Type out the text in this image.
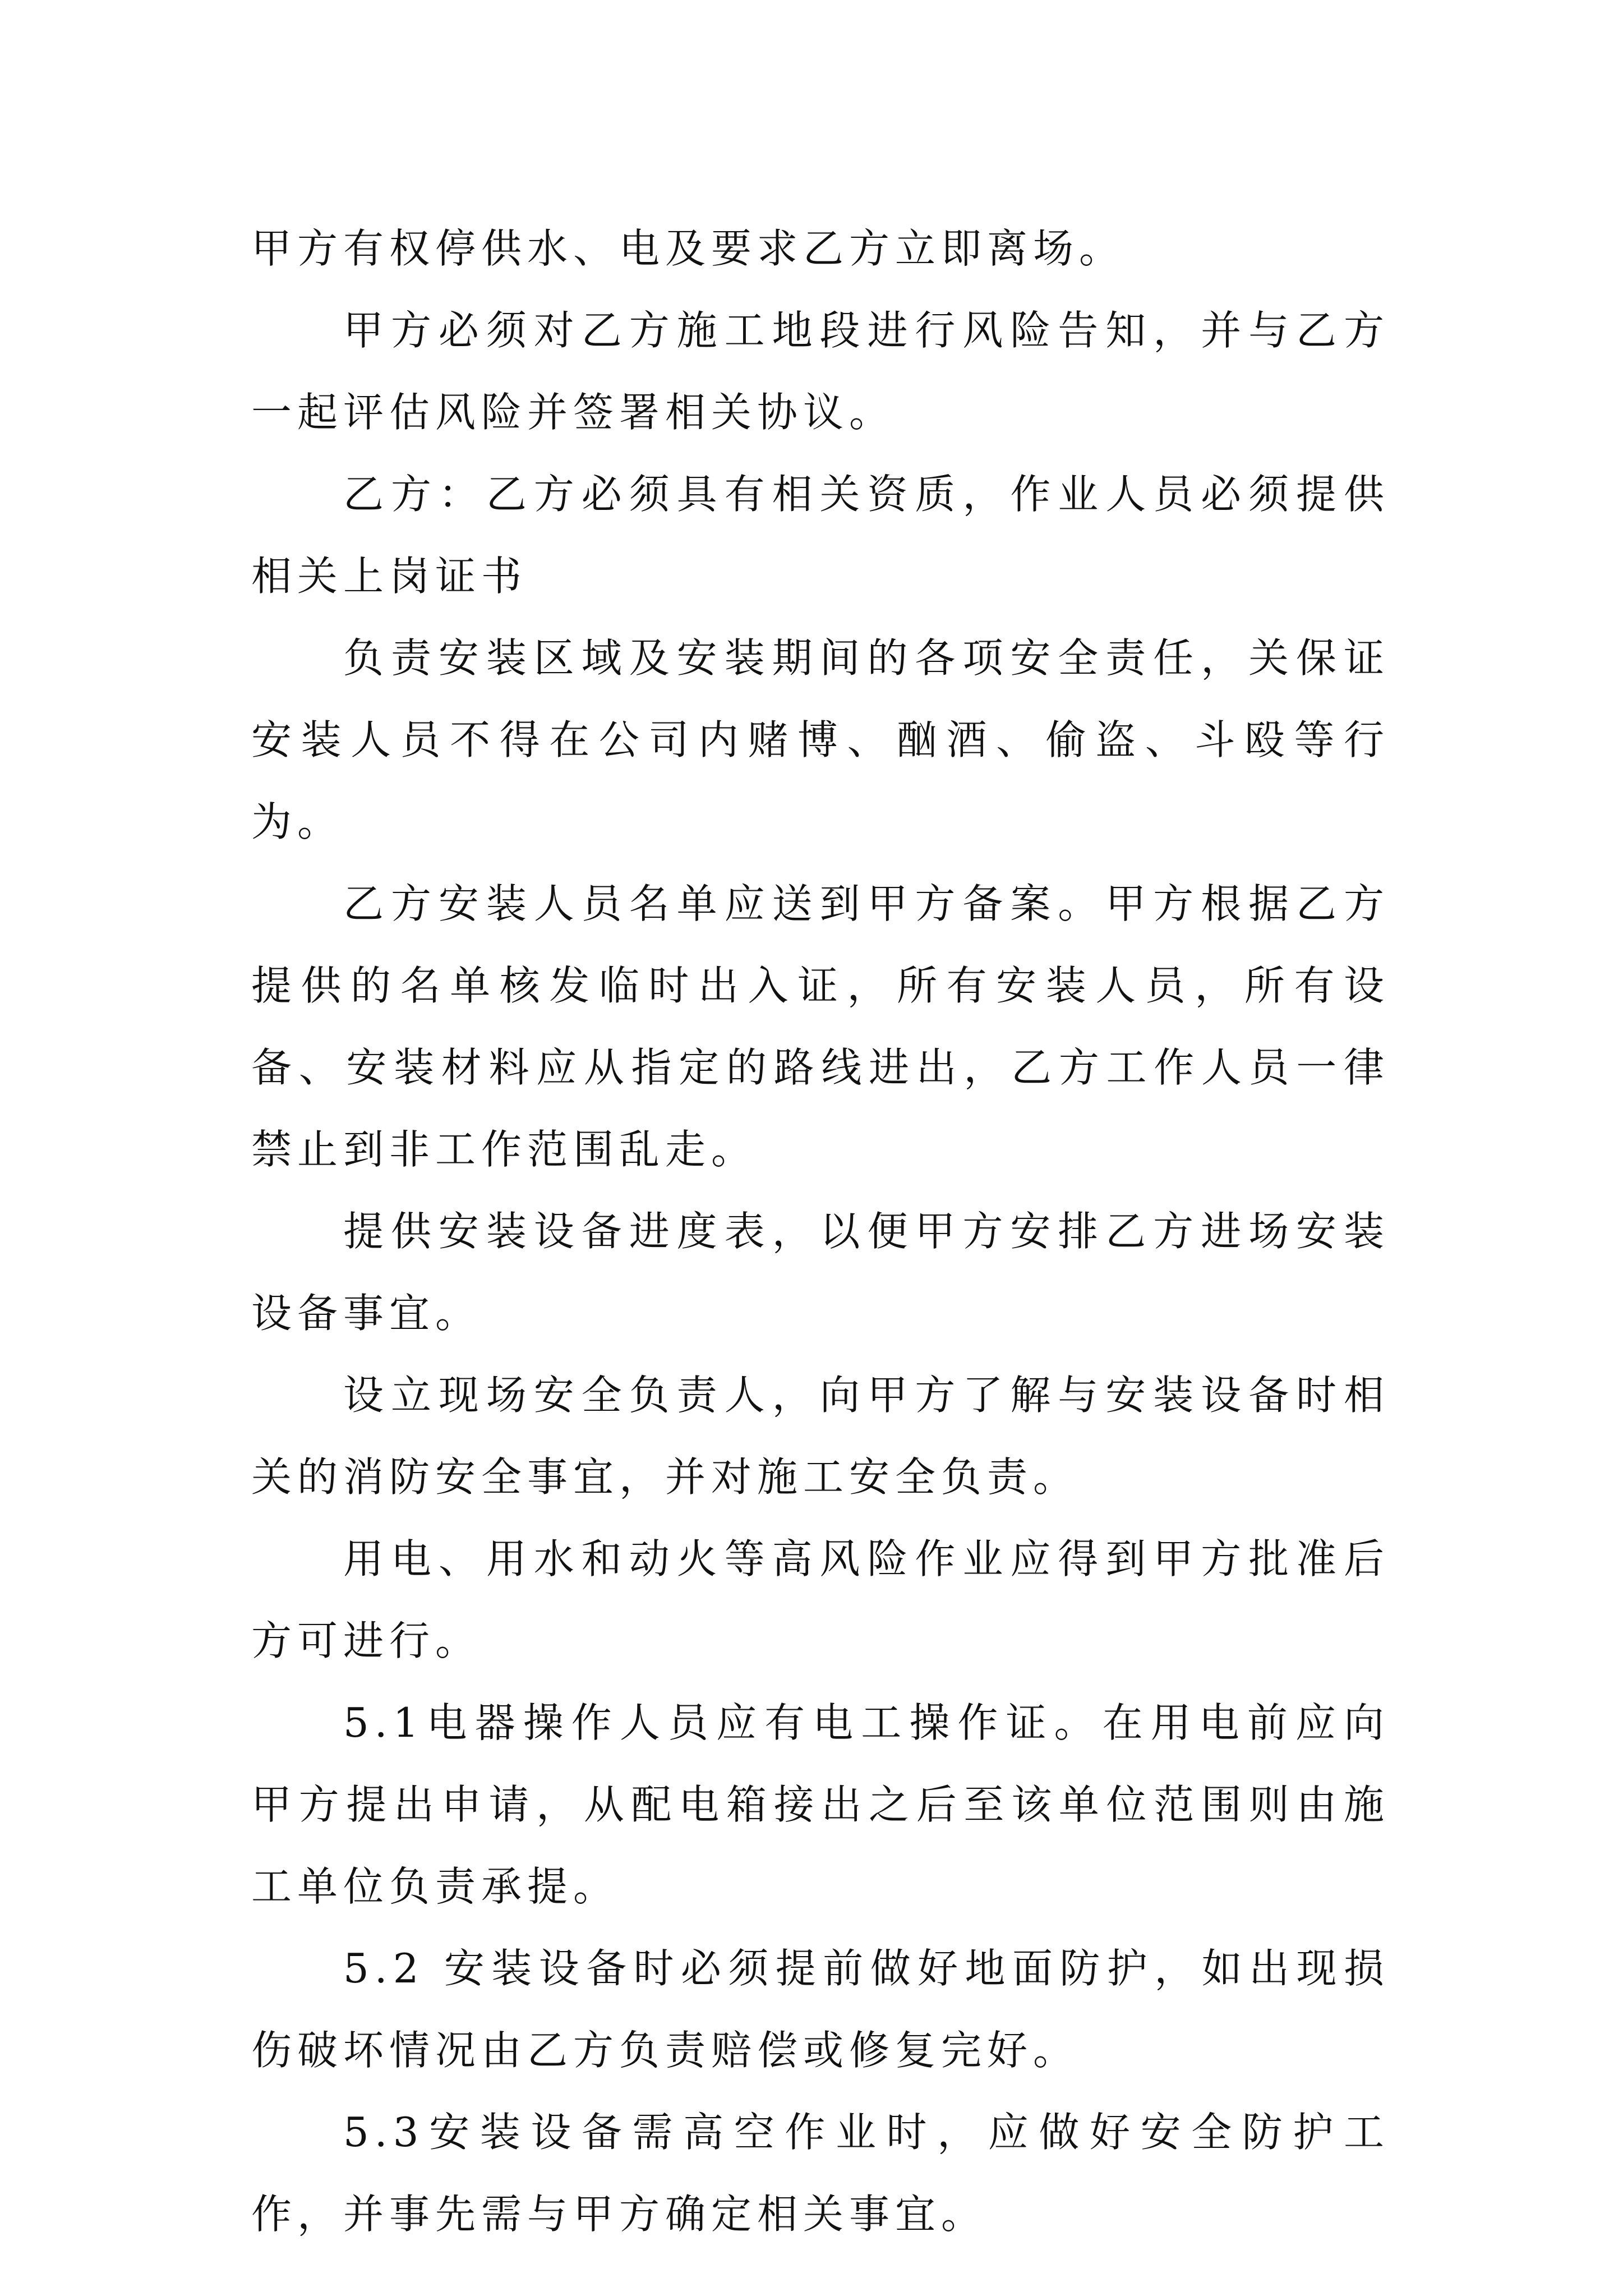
甲方有权停供水、电及要求乙方立即离场。

甲方必须对乙方施工地段进行风险告知，并与乙方一起评估风险并签署相关协议。

乙方：乙方必须具有相关资质，作业人员必须提供相关上岗证书

负责安装区域及安装期间的各项安全责任，关保证安装人员不得在公司内赌博、酗酒、偷盗、斗殴等行为。

乙方安装人员名单应送到甲方备案。甲方根据乙方提供的名单核发临时出入证，所有安装人员，所有设备、安装材料应从指定的路线进出，乙方工作人员一律禁止到非工作范围乱走。

提供安装设备进度表，以便甲方安排乙方进场安装设备事宜。

设立现场安全负责人，向甲方了解与安装设备时相关的消防安全事宜，并对施工安全负责。

用电、用水和动火等高风险作业应得到甲方批准后方可进行。

5.1电器操作人员应有电工操作证。在用电前应向甲方提出申请，从配电箱接出之后至该单位范围则由施工单位负责承提。

5.2 安装设备时必须提前做好地面防护，如出现损伤破坏情况由乙方负责赔偿或修复完好。

5.3安装设备需高空作业时，应做好安全防护工作，并事先需与甲方确定相关事宜。
